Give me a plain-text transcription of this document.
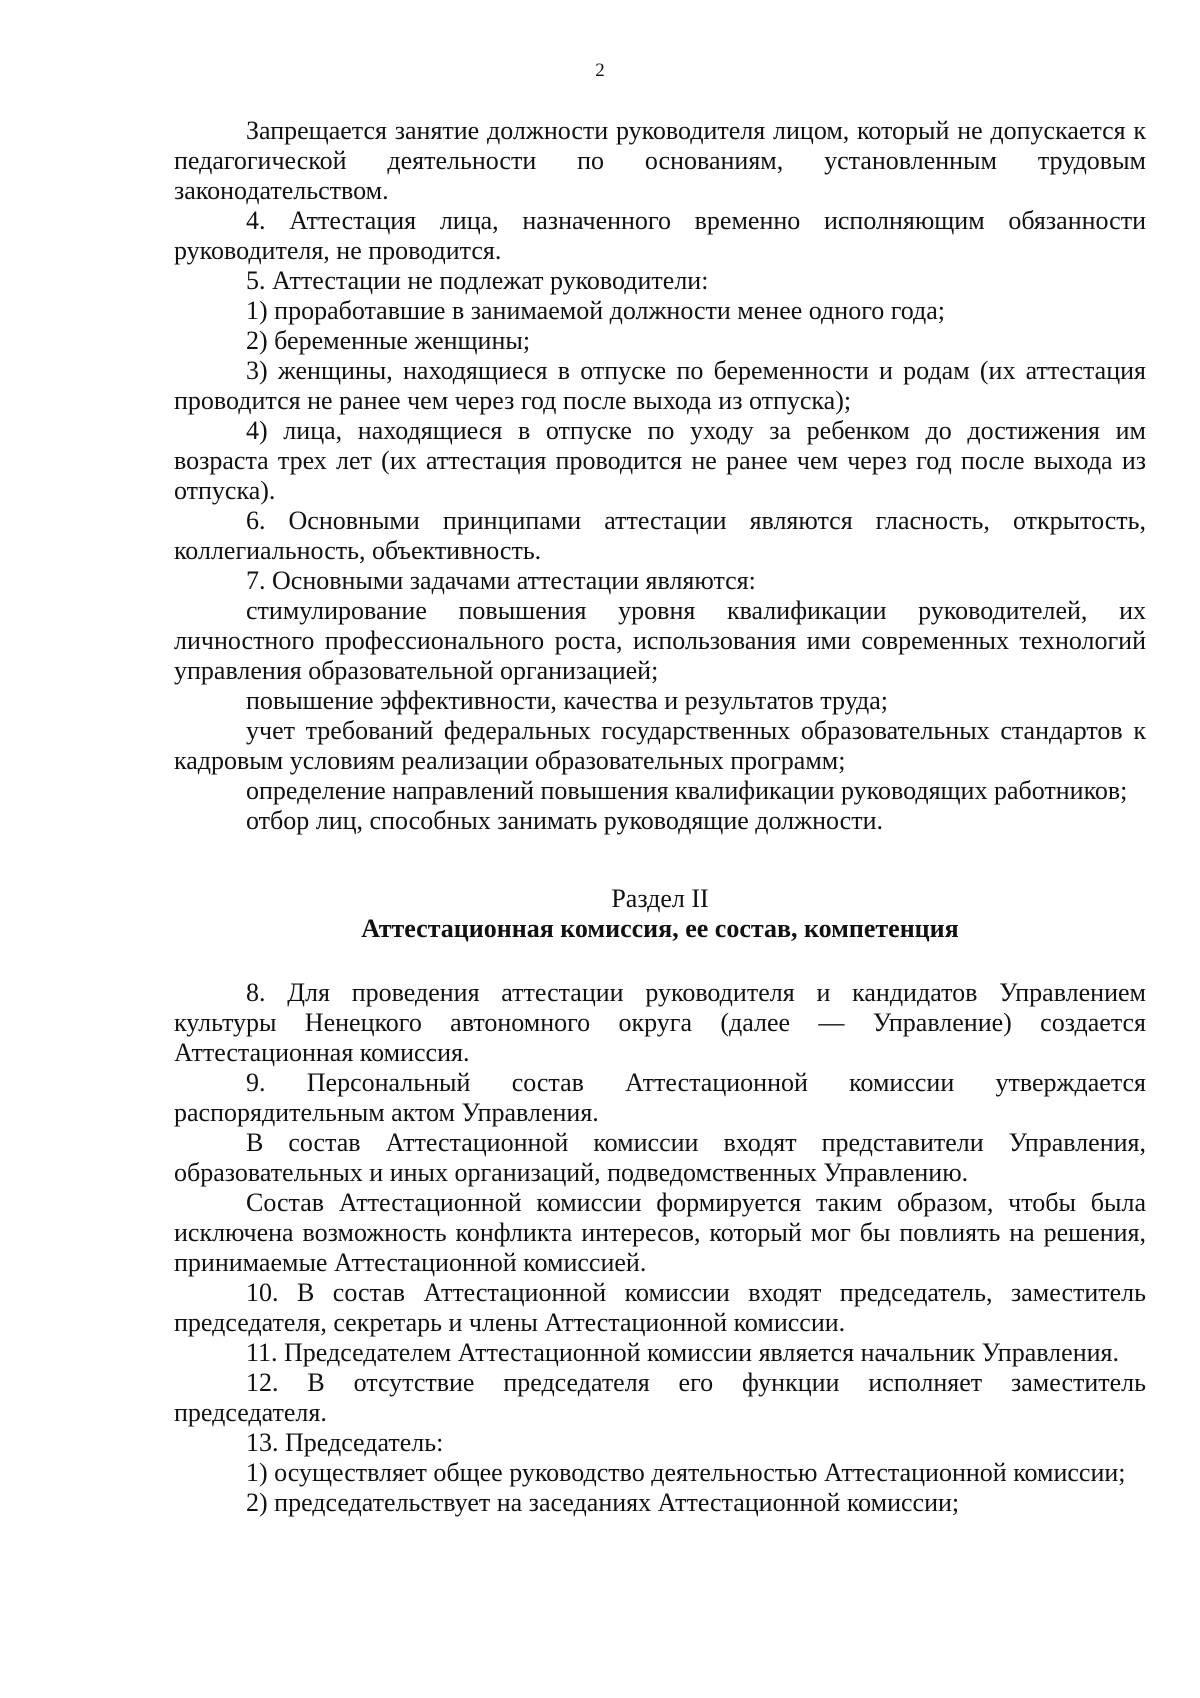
2

Запрещается занятие должности руководителя лицом, который не допускается к педагогической деятельности по основаниям, установленным трудовым законодательством.

4. Аттестация лица, назначенного временно исполняющим обязанности руководителя, не проводится.

5. Аттестации не подлежат руководители:

1) проработавшие в занимаемой должности менее одного года;

2) беременные женщины;

3) женщины, находящиеся в отпуске по беременности и родам (их аттестация проводится не ранее чем через год после выхода из отпуска);

4) лица, находящиеся в отпуске по уходу за ребенком до достижения им возраста трех лет (их аттестация проводится не ранее чем через год после выхода из отпуска).

6. Основными принципами аттестации являются гласность, открытость, коллегиальность, объективность.

7. Основными задачами аттестации являются:

стимулирование повышения уровня квалификации руководителей, их личностного профессионального роста, использования ими современных технологий управления образовательной организацией;

повышение эффективности, качества и результатов труда;

учет требований федеральных государственных образовательных стандартов к кадровым условиям реализации образовательных программ;

определение направлений повышения квалификации руководящих работников;

отбор лиц, способных занимать руководящие должности.

Раздел II
Аттестационная комиссия, ее состав, компетенция

8. Для проведения аттестации руководителя и кандидатов Управлением культуры Ненецкого автономного округа (далее — Управление) создается Аттестационная комиссия.

9. Персональный состав Аттестационной комиссии утверждается распорядительным актом Управления.

В состав Аттестационной комиссии входят представители Управления, образовательных и иных организаций, подведомственных Управлению.

Состав Аттестационной комиссии формируется таким образом, чтобы была исключена возможность конфликта интересов, который мог бы повлиять на решения, принимаемые Аттестационной комиссией.

10. В состав Аттестационной комиссии входят председатель, заместитель председателя, секретарь и члены Аттестационной комиссии.

11. Председателем Аттестационной комиссии является начальник Управления.

12. В отсутствие председателя его функции исполняет заместитель председателя.

13. Председатель:

1) осуществляет общее руководство деятельностью Аттестационной комиссии;

2) председательствует на заседаниях Аттестационной комиссии;
